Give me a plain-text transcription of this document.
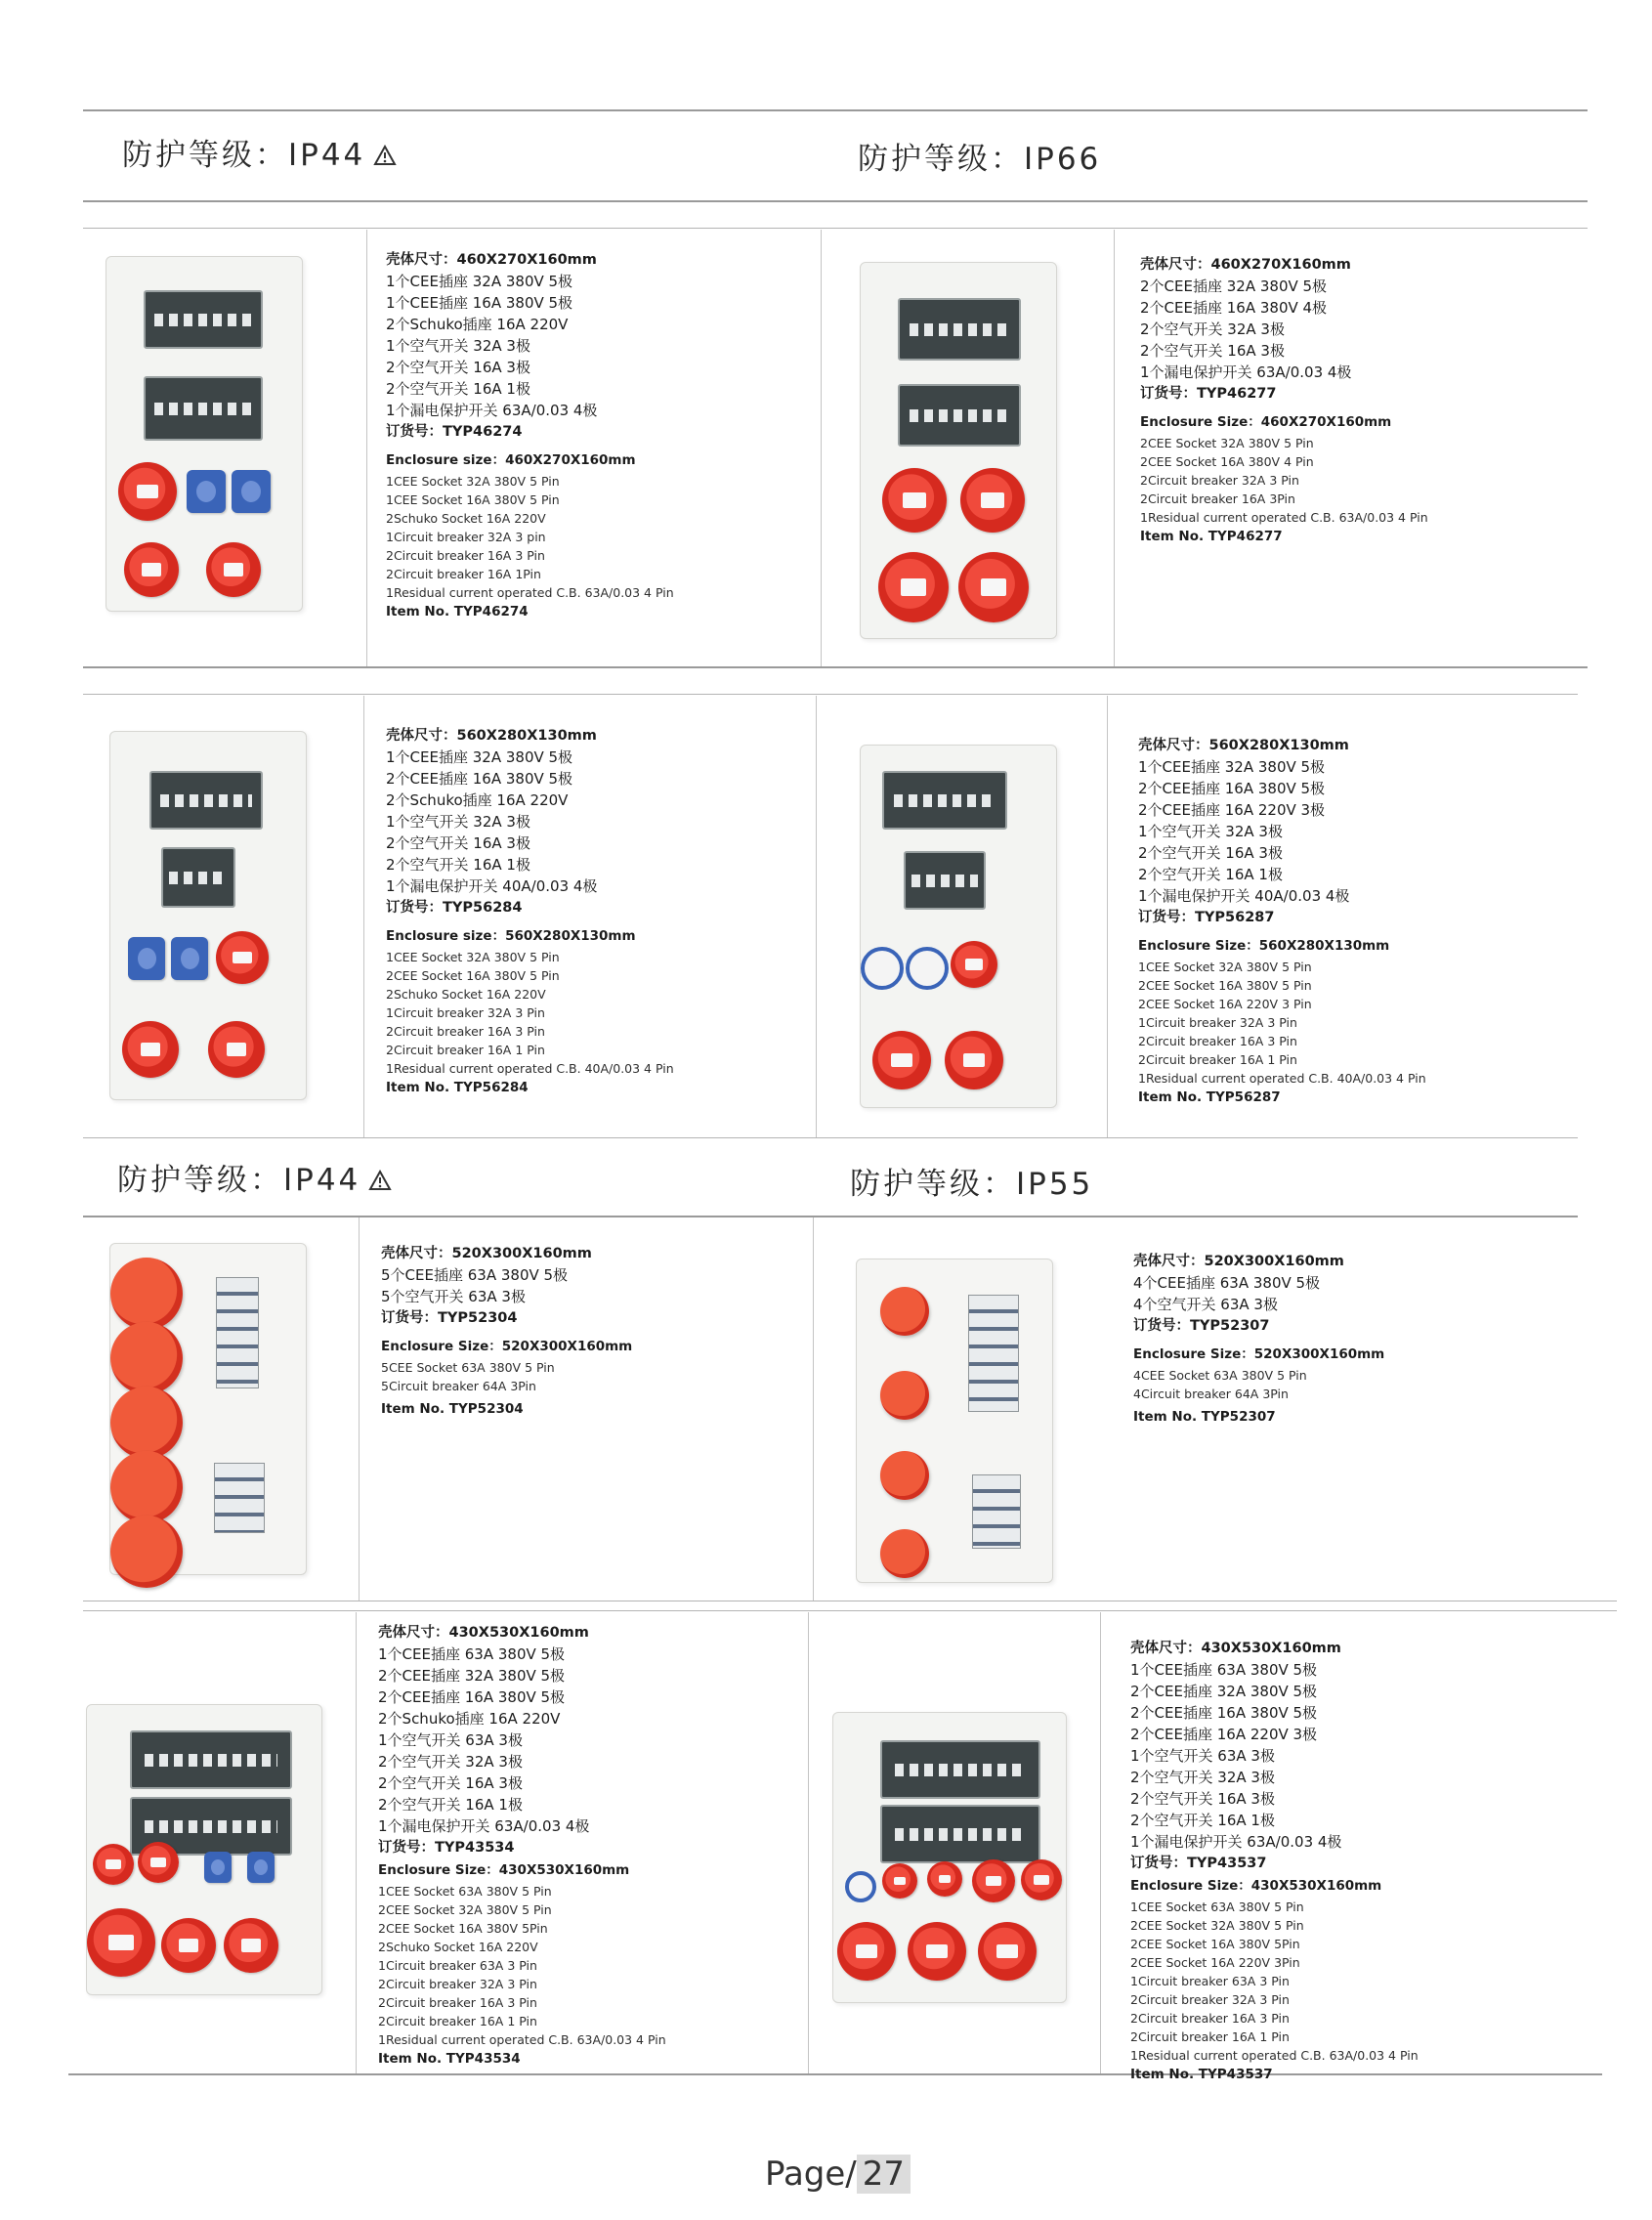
防护等级：IP44	防护等级：IP66
防护等级：IP44	防护等级：IP55
壳体尺寸：460X270X160mm
1个CEE插座 32A 380V 5极
1个CEE插座 16A 380V 5极
2个Schuko插座 16A 220V
1个空气开关 32A 3极
2个空气开关 16A 3极
2个空气开关 16A 1极
1个漏电保护开关 63A/0.03 4极
订货号：TYP46274
Enclosure size：460X270X160mm
1CEE Socket 32A 380V 5 Pin
1CEE Socket 16A 380V 5 Pin
2Schuko Socket 16A 220V
1Circuit breaker 32A 3 pin
2Circuit breaker 16A 3 Pin
2Circuit breaker 16A 1Pin
1Residual current operated C.B. 63A/0.03 4 Pin
Item No. TYP46274
壳体尺寸：460X270X160mm
2个CEE插座 32A 380V 5极
2个CEE插座 16A 380V 4极
2个空气开关 32A 3极
2个空气开关 16A 3极
1个漏电保护开关 63A/0.03 4极
订货号：TYP46277
Enclosure Size：460X270X160mm
2CEE Socket 32A 380V 5 Pin
2CEE Socket 16A 380V 4 Pin
2Circuit breaker 32A 3 Pin
2Circuit breaker 16A 3Pin
1Residual current operated C.B. 63A/0.03 4 Pin
Item No. TYP46277
壳体尺寸：560X280X130mm
1个CEE插座 32A 380V 5极
2个CEE插座 16A 380V 5极
2个Schuko插座 16A 220V
1个空气开关 32A 3极
2个空气开关 16A 3极
2个空气开关 16A 1极
1个漏电保护开关 40A/0.03 4极
订货号：TYP56284
Enclosure size：560X280X130mm
1CEE Socket 32A 380V 5 Pin
2CEE Socket 16A 380V 5 Pin
2Schuko Socket 16A 220V
1Circuit breaker 32A 3 Pin
2Circuit breaker 16A 3 Pin
2Circuit breaker 16A 1 Pin
1Residual current operated C.B. 40A/0.03 4 Pin
Item No. TYP56284
壳体尺寸：560X280X130mm
1个CEE插座 32A 380V 5极
2个CEE插座 16A 380V 5极
2个CEE插座 16A 220V 3极
1个空气开关 32A 3极
2个空气开关 16A 3极
2个空气开关 16A 1极
1个漏电保护开关 40A/0.03 4极
订货号：TYP56287
Enclosure Size：560X280X130mm
1CEE Socket 32A 380V 5 Pin
2CEE Socket 16A 380V 5 Pin
2CEE Socket 16A 220V 3 Pin
1Circuit breaker 32A 3 Pin
2Circuit breaker 16A 3 Pin
2Circuit breaker 16A 1 Pin
1Residual current operated C.B. 40A/0.03 4 Pin
Item No. TYP56287
壳体尺寸：520X300X160mm
5个CEE插座 63A 380V 5极
5个空气开关 63A 3极
订货号：TYP52304
Enclosure Size：520X300X160mm
5CEE Socket 63A 380V 5 Pin
5Circuit breaker 64A 3Pin
Item No. TYP52304
壳体尺寸：520X300X160mm
4个CEE插座 63A 380V 5极
4个空气开关 63A 3极
订货号：TYP52307
Enclosure Size：520X300X160mm
4CEE Socket 63A 380V 5 Pin
4Circuit breaker 64A 3Pin
Item No. TYP52307
壳体尺寸：430X530X160mm
1个CEE插座 63A 380V 5极
2个CEE插座 32A 380V 5极
2个CEE插座 16A 380V 5极
2个Schuko插座 16A 220V
1个空气开关 63A 3极
2个空气开关 32A 3极
2个空气开关 16A 3极
2个空气开关 16A 1极
1个漏电保护开关 63A/0.03 4极
订货号：TYP43534
Enclosure Size：430X530X160mm
1CEE Socket 63A 380V 5 Pin
2CEE Socket 32A 380V 5 Pin
2CEE Socket 16A 380V 5Pin
2Schuko Socket 16A 220V
1Circuit breaker 63A 3 Pin
2Circuit breaker 32A 3 Pin
2Circuit breaker 16A 3 Pin
2Circuit breaker 16A 1 Pin
1Residual current operated C.B. 63A/0.03 4 Pin
Item No. TYP43534
壳体尺寸：430X530X160mm
1个CEE插座 63A 380V 5极
2个CEE插座 32A 380V 5极
2个CEE插座 16A 380V 5极
2个CEE插座 16A 220V 3极
1个空气开关 63A 3极
2个空气开关 32A 3极
2个空气开关 16A 3极
2个空气开关 16A 1极
1个漏电保护开关 63A/0.03 4极
订货号：TYP43537
Enclosure Size：430X530X160mm
1CEE Socket 63A 380V 5 Pin
2CEE Socket 32A 380V 5 Pin
2CEE Socket 16A 380V 5Pin
2CEE Socket 16A 220V 3Pin
1Circuit breaker 63A 3 Pin
2Circuit breaker 32A 3 Pin
2Circuit breaker 16A 3 Pin
2Circuit breaker 16A 1 Pin
1Residual current operated C.B. 63A/0.03 4 Pin
Item No. TYP43537
Page/ 27
